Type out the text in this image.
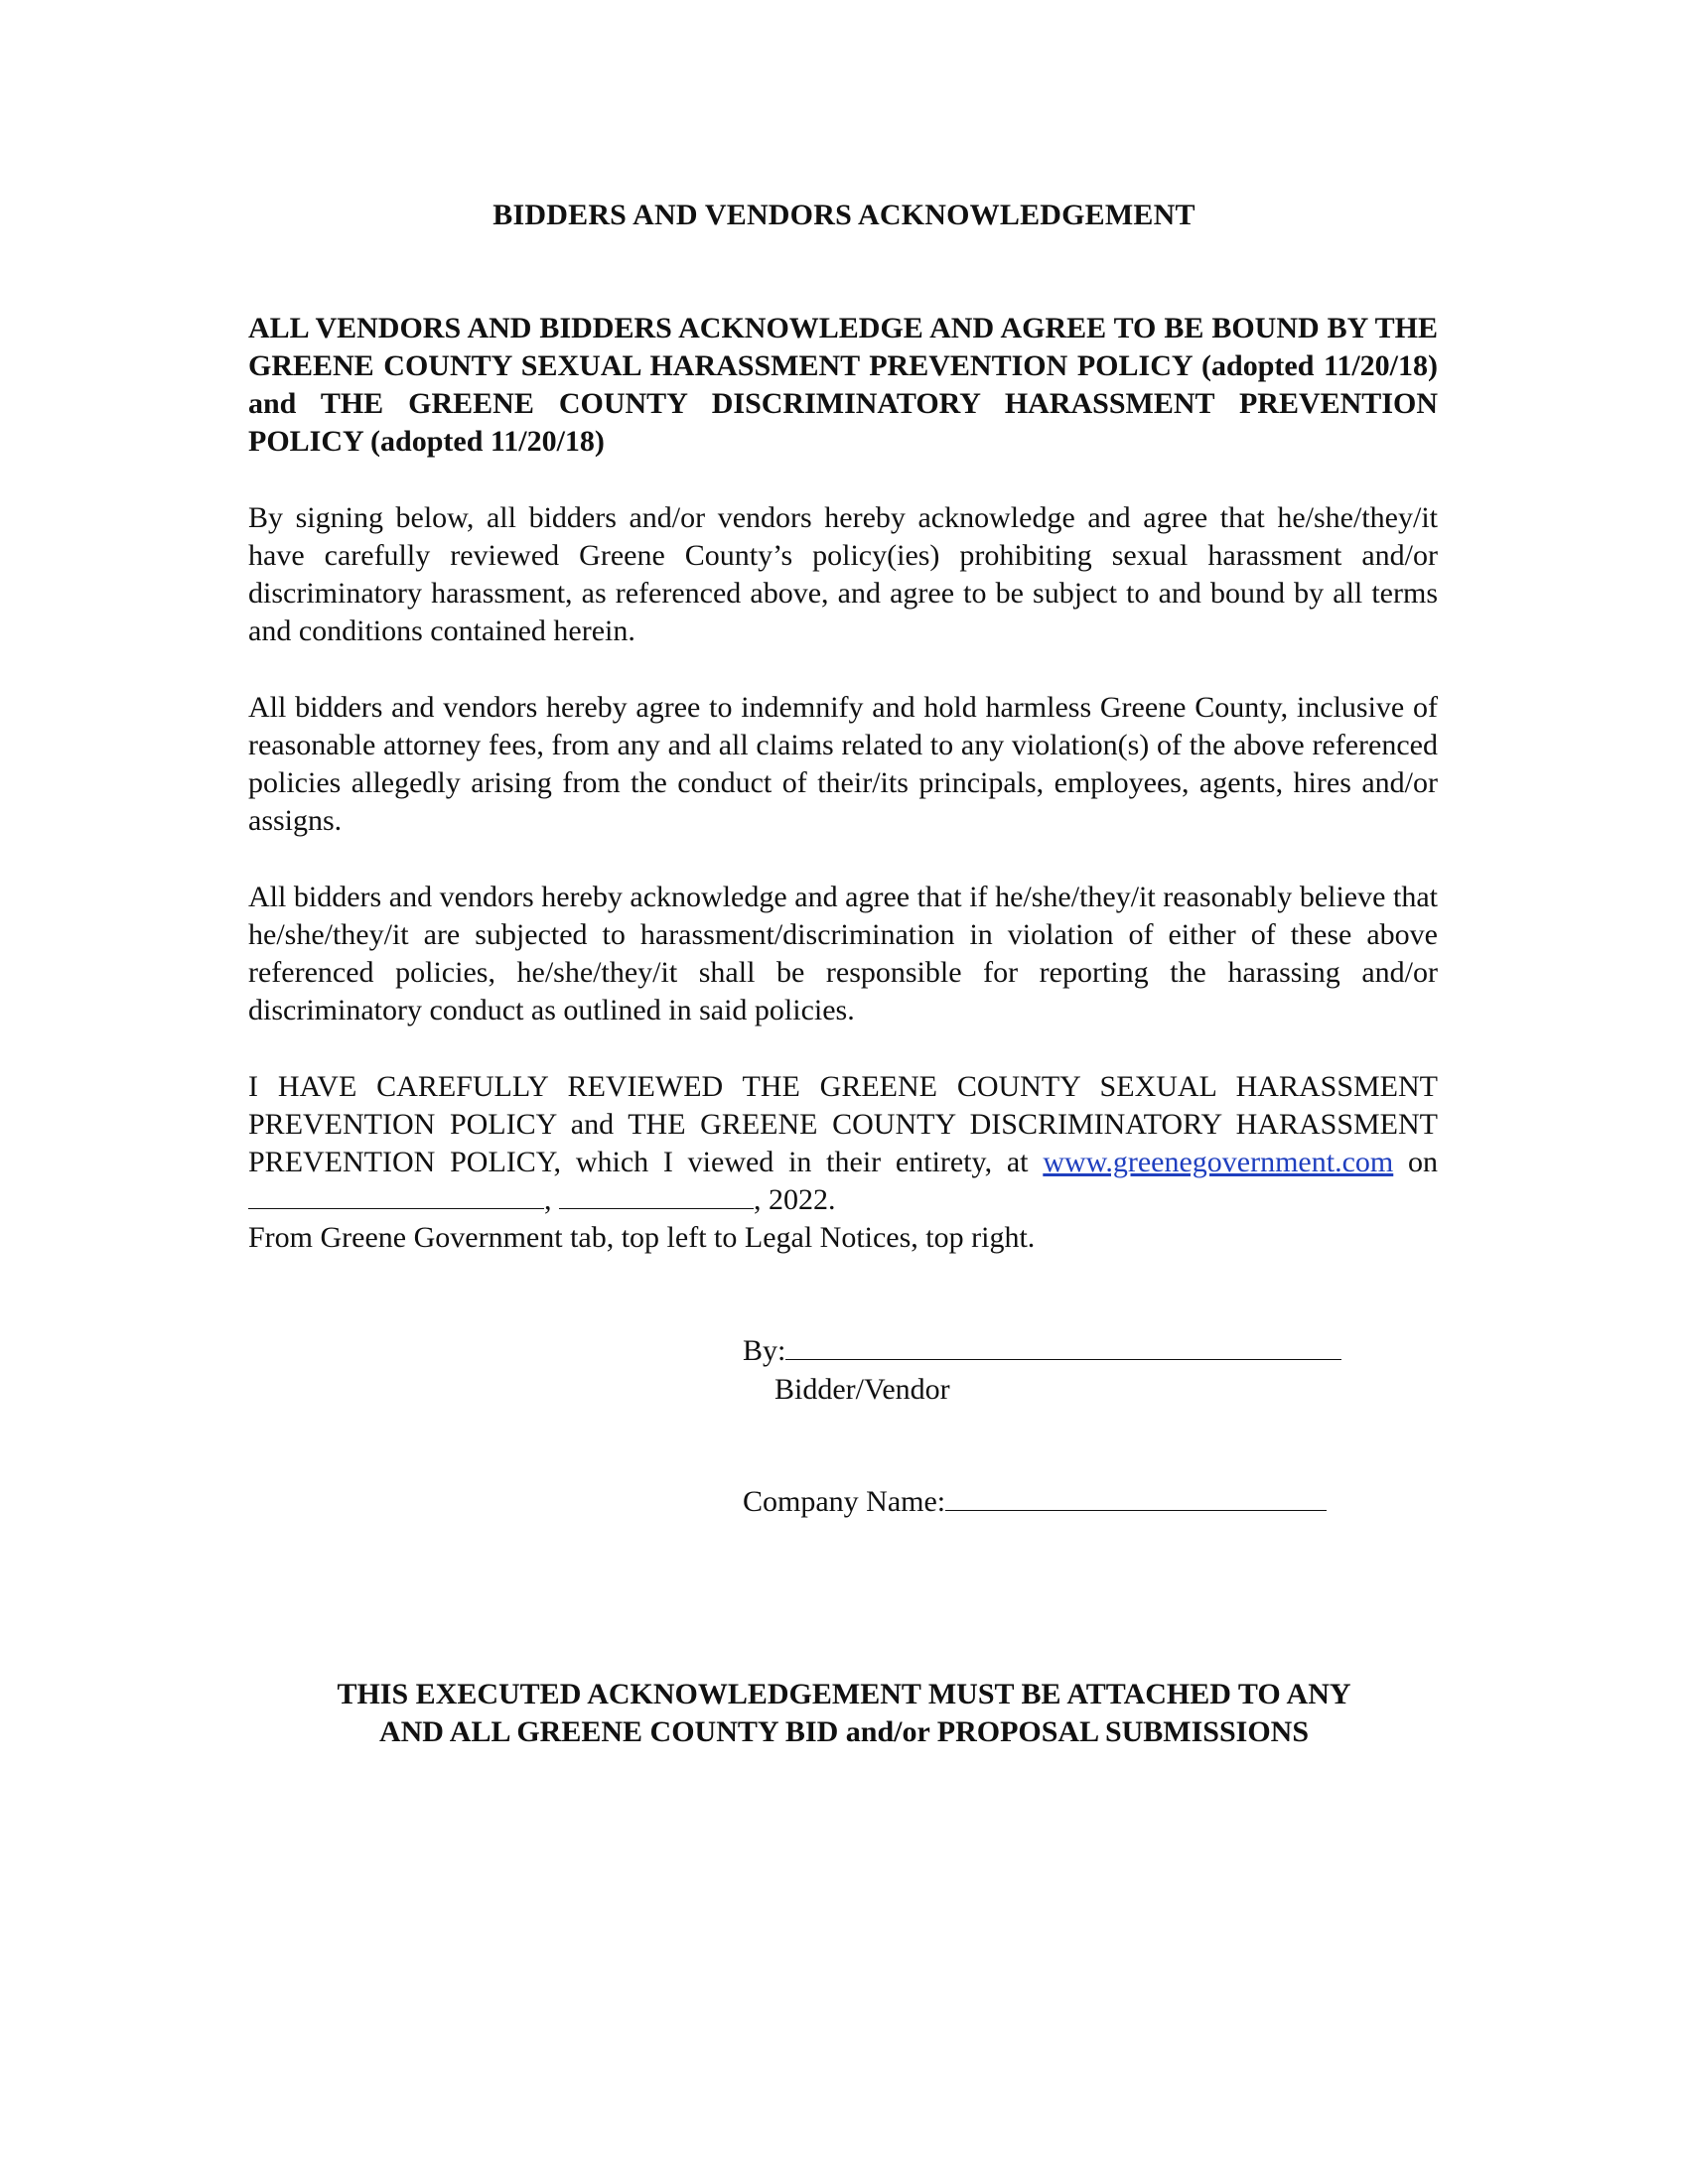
BIDDERS AND VENDORS ACKNOWLEDGEMENT
ALL VENDORS AND BIDDERS ACKNOWLEDGE AND AGREE TO BE BOUND BY THE GREENE COUNTY SEXUAL HARASSMENT PREVENTION POLICY (adopted 11/20/18) and THE GREENE COUNTY DISCRIMINATORY HARASSMENT PREVENTION POLICY (adopted 11/20/18)
By signing below, all bidders and/or vendors hereby acknowledge and agree that he/she/they/it have carefully reviewed Greene County’s policy(ies) prohibiting sexual harassment and/or discriminatory harassment, as referenced above, and agree to be subject to and bound by all terms and conditions contained herein.
All bidders and vendors hereby agree to indemnify and hold harmless Greene County, inclusive of reasonable attorney fees, from any and all claims related to any violation(s) of the above referenced policies allegedly arising from the conduct of their/its principals, employees, agents, hires and/or assigns.
All bidders and vendors hereby acknowledge and agree that if he/she/they/it reasonably believe that he/she/they/it are subjected to harassment/discrimination in violation of either of these above referenced policies, he/she/they/it shall be responsible for reporting the harassing and/or discriminatory conduct as outlined in said policies.
I HAVE CAREFULLY REVIEWED THE GREENE COUNTY SEXUAL HARASSMENT PREVENTION POLICY and THE GREENE COUNTY DISCRIMINATORY HARASSMENT PREVENTION POLICY, which I viewed in their entirety, at www.greenegovernment.com on ,	, 2022.
From Greene Government tab, top left to Legal Notices, top right.
By:
Bidder/Vendor
Company Name:
THIS EXECUTED ACKNOWLEDGEMENT MUST BE ATTACHED TO ANY
AND ALL GREENE COUNTY BID and/or PROPOSAL SUBMISSIONS
